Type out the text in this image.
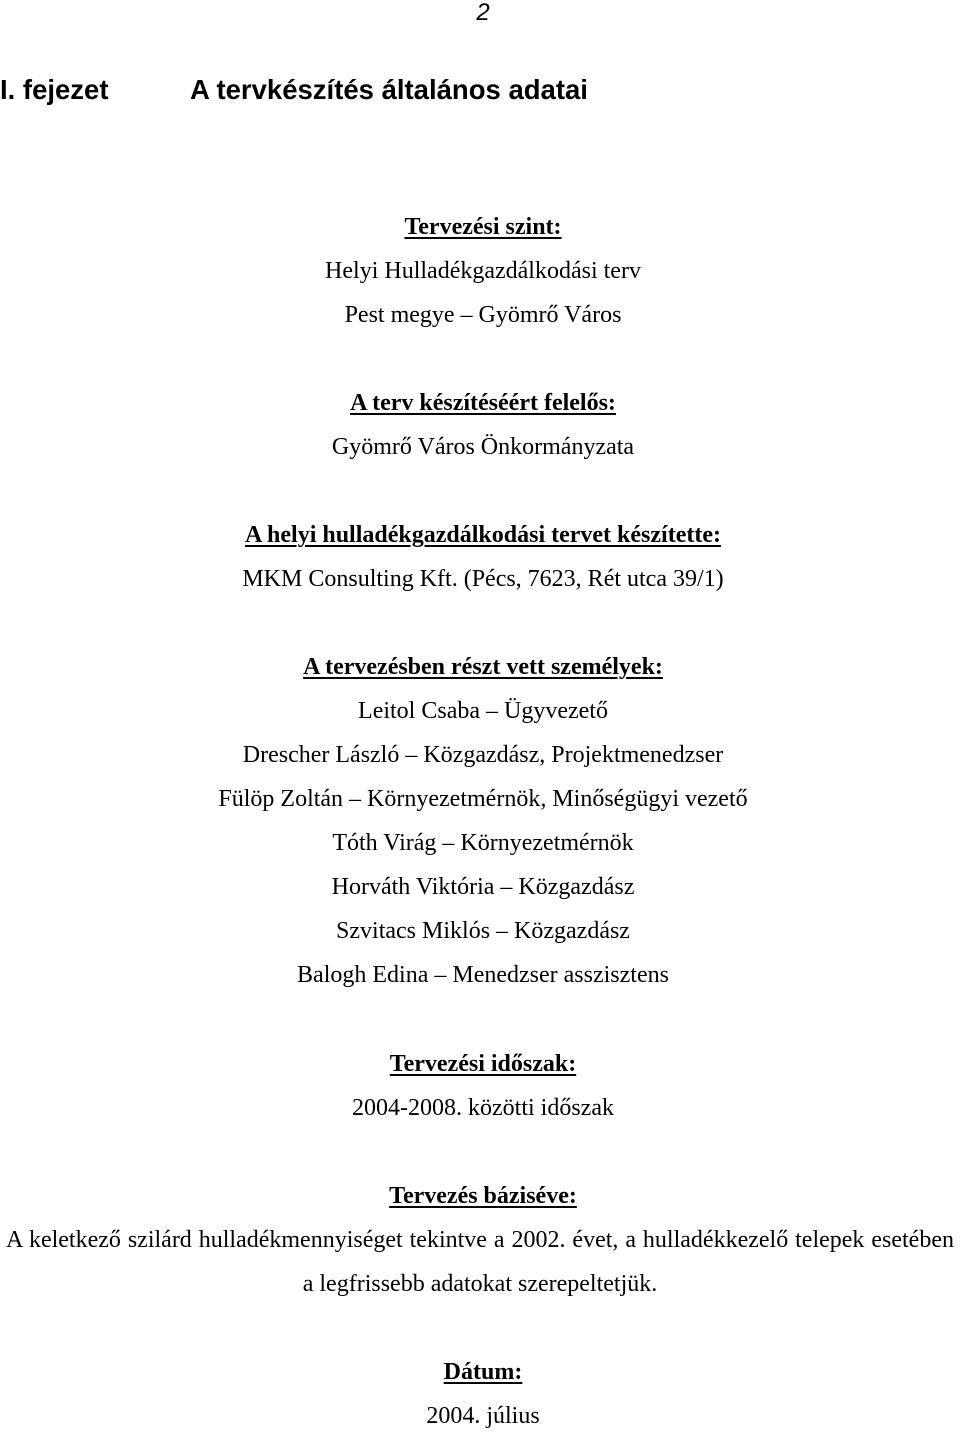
2
I. fejezet	A tervkészítés általános adatai
Tervezési szint:
Helyi Hulladékgazdálkodási terv
Pest megye – Gyömrő Város
A terv készítéséért felelős:
Gyömrő Város Önkormányzata
A helyi hulladékgazdálkodási tervet készítette:
MKM Consulting Kft. (Pécs, 7623, Rét utca 39/1)
A tervezésben részt vett személyek:
Leitol Csaba – Ügyvezető
Drescher László – Közgazdász, Projektmenedzser
Fülöp Zoltán – Környezetmérnök, Minőségügyi vezető
Tóth Virág – Környezetmérnök
Horváth Viktória – Közgazdász
Szvitacs Miklós – Közgazdász
Balogh Edina – Menedzser asszisztens
Tervezési időszak:
2004-2008. közötti időszak
Tervezés bázisévе:
A keletkező szilárd hulladékmennyiséget tekintve a 2002. évet, a hulladékkezelő telepek esetében a legfrissebb adatokat szerepeltetjük.
Dátum:
2004. július
